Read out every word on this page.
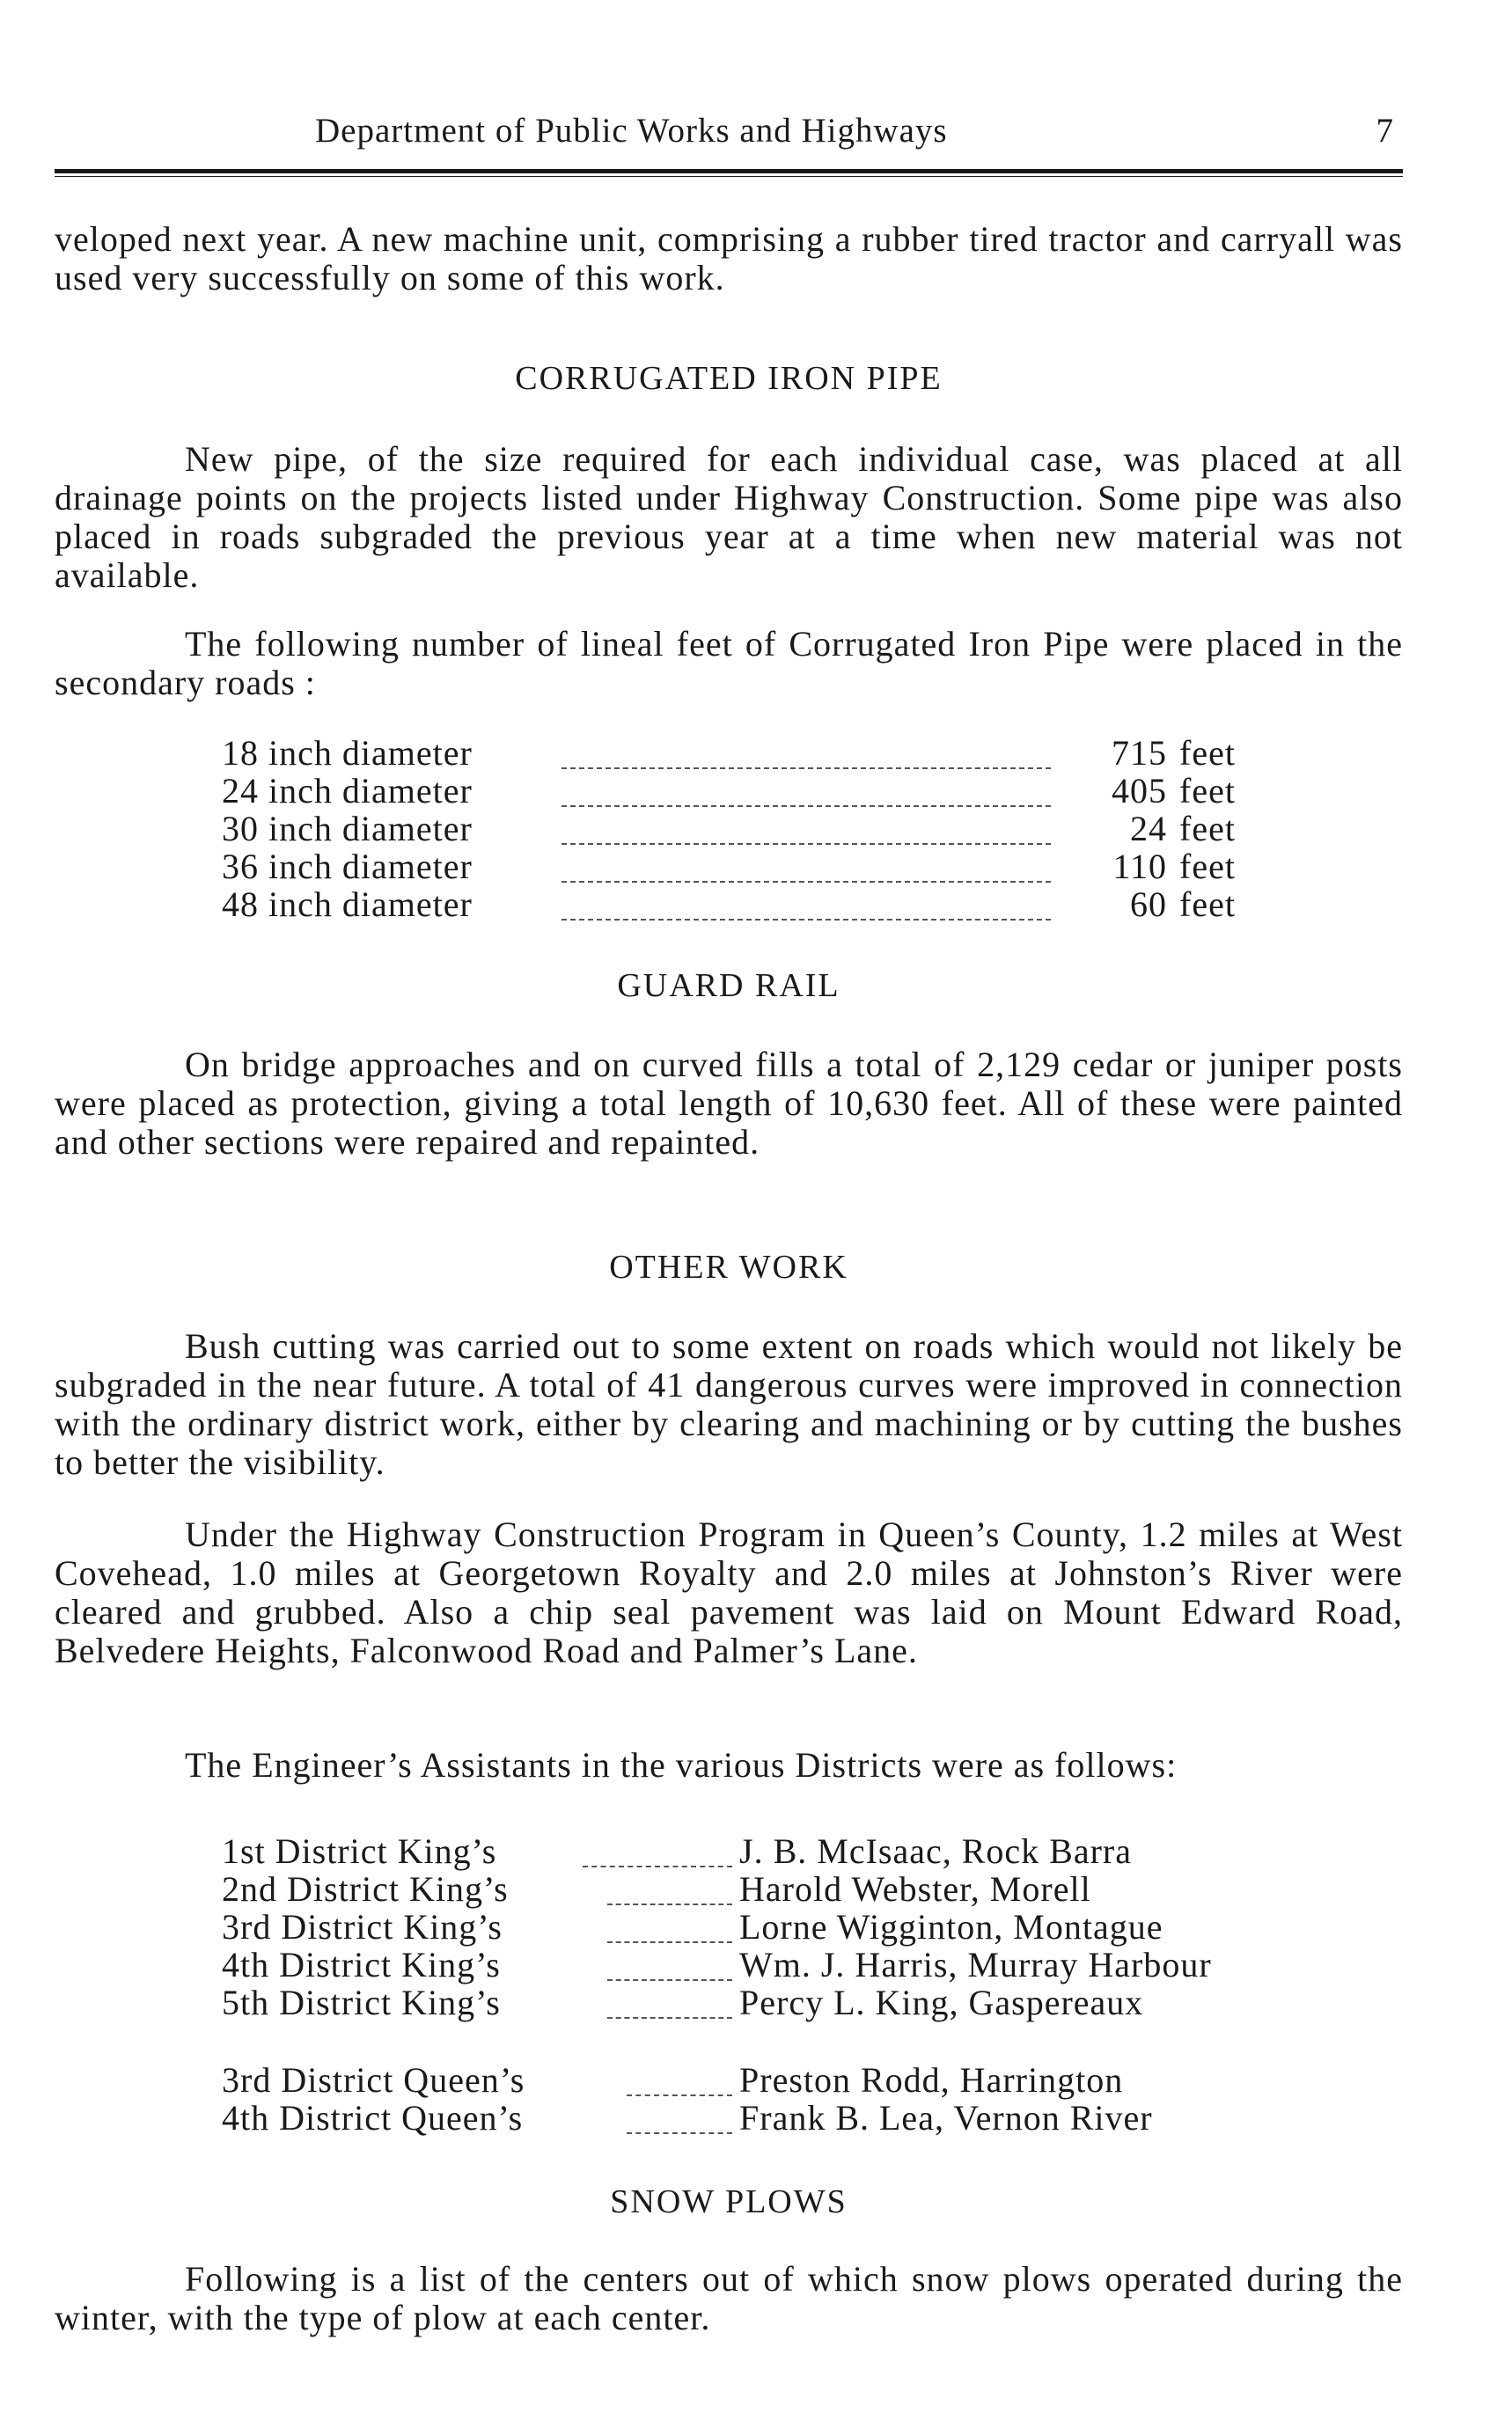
Department of Public Works and Highways	7

veloped next year. A new machine unit, comprising a rubber tired tractor and carryall was used very successfully on some of this work.

CORRUGATED IRON PIPE

New pipe, of the size required for each individual case, was placed at all drainage points on the projects listed under Highway Construction. Some pipe was also placed in roads subgraded the previous year at a time when new material was not available.

The following number of lineal feet of Corrugated Iron Pipe were placed in the secondary roads :

18 inch diameter	715 feet
24 inch diameter	405 feet
30 inch diameter	24 feet
36 inch diameter	110 feet
48 inch diameter	60 feet
GUARD RAIL

On bridge approaches and on curved fills a total of 2,129 cedar or juniper posts were placed as protection, giving a total length of 10,630 feet. All of these were painted and other sections were repaired and repainted.

OTHER WORK

Bush cutting was carried out to some extent on roads which would not likely be subgraded in the near future. A total of 41 dangerous curves were improved in connection with the ordinary district work, either by clearing and machining or by cutting the bushes to better the visibility.

Under the Highway Construction Program in Queen’s County, 1.2 miles at West Covehead, 1.0 miles at Georgetown Royalty and 2.0 miles at Johnston’s River were cleared and grubbed. Also a chip seal pavement was laid on Mount Edward Road, Belvedere Heights, Falconwood Road and Palmer’s Lane.

The Engineer’s Assistants in the various Districts were as follows:

1st District King’s	J. B. McIsaac, Rock Barra
2nd District King’s	Harold Webster, Morell
3rd District King’s	Lorne Wigginton, Montague
4th District King’s	Wm. J. Harris, Murray Harbour
5th District King’s	Percy L. King, Gaspereaux
3rd District Queen’s	Preston Rodd, Harrington
4th District Queen’s	Frank B. Lea, Vernon River
SNOW PLOWS

Following is a list of the centers out of which snow plows operated during the winter, with the type of plow at each center.
